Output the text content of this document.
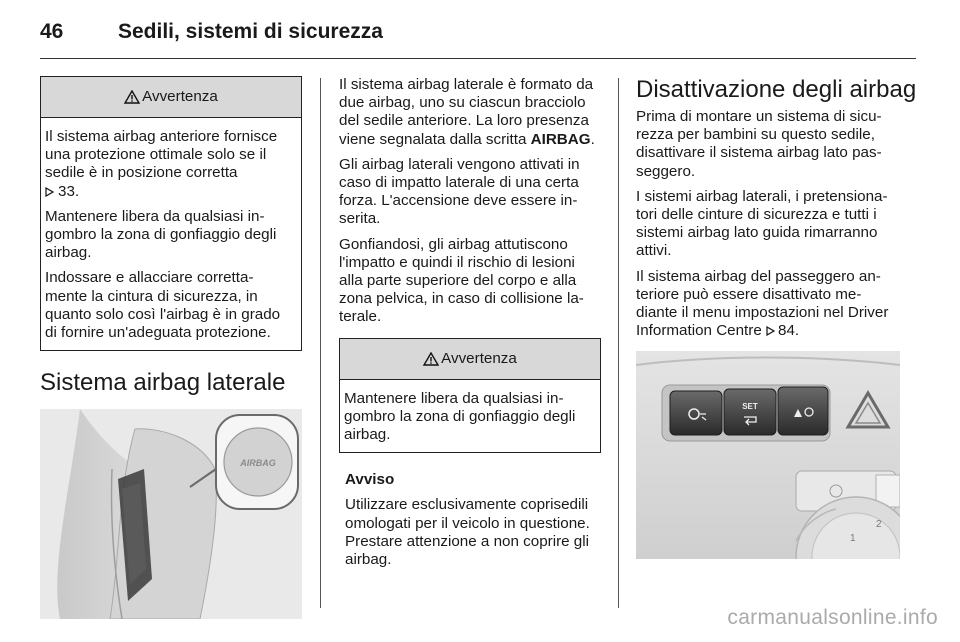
46	Sedili, sistemi di sicurezza
Avvertenza

Il sistema airbag anteriore fornisce
una protezione ottimale solo se il
sedile è in posizione corretta
33.

Mantenere libera da qualsiasi in-
gombro la zona di gonfiaggio degli
airbag.

Indossare e allacciare corretta-
mente la cintura di sicurezza, in
quanto solo così l'airbag è in grado
di fornire un'adeguata protezione.

Sistema airbag laterale
AIRBAG

Il sistema airbag laterale è formato da
due airbag, uno su ciascun bracciolo
del sedile anteriore. La loro presenza
viene segnalata dalla scritta AIRBAG.

Gli airbag laterali vengono attivati in
caso di impatto laterale di una certa
forza. L'accensione deve essere in-
serita.

Gonfiandosi, gli airbag attutiscono
l'impatto e quindi il rischio di lesioni
alla parte superiore del corpo e alla
zona pelvica, in caso di collisione la-
terale.

Avvertenza

Mantenere libera da qualsiasi in-
gombro la zona di gonfiaggio degli
airbag.

Avviso

Utilizzare esclusivamente coprisedili
omologati per il veicolo in questione.
Prestare attenzione a non coprire gli
airbag.

Disattivazione degli airbag

Prima di montare un sistema di sicu-
rezza per bambini su questo sedile,
disattivare il sistema airbag lato pas-
seggero.

I sistemi airbag laterali, i pretensiona-
tori delle cinture di sicurezza e tutti i
sistemi airbag lato guida rimarranno
attivi.

Il sistema airbag del passeggero an-
teriore può essere disattivato me-
diante il menu impostazioni nel Driver
Information Centre 84.

SET
1
2
carmanualsonline.info
